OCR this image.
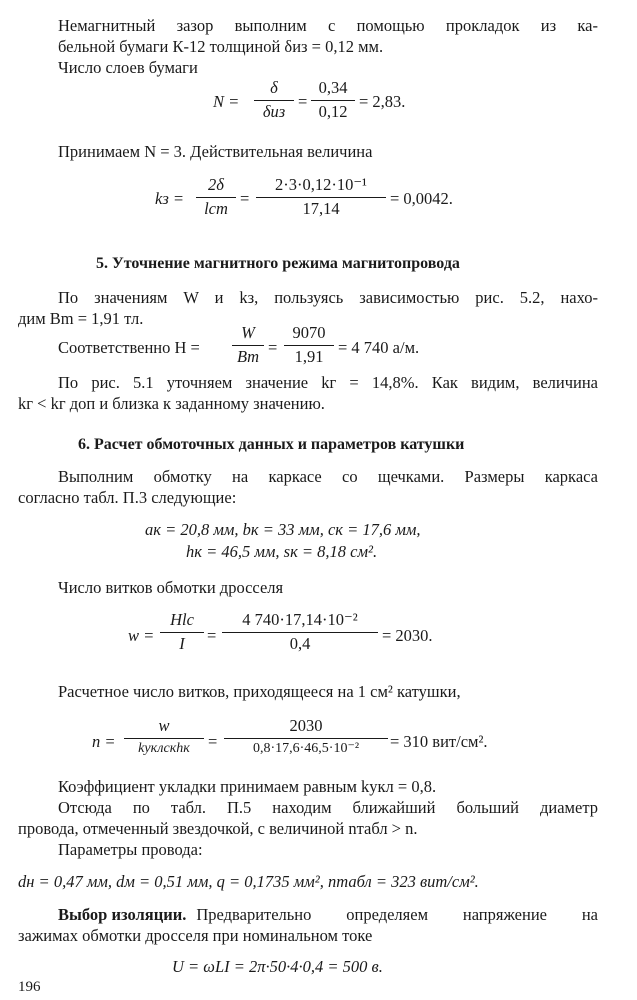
Немагнитный зазор выполним с помощью прокладок из ка-
бельной бумаги К-12 толщиной δиз = 0,12 мм.
Число слоев бумаги
N =
δ
δиз =
0,34
0,12 = 2,83.
Принимаем N = 3. Действительная величина
kз =
2δ
lст =
2·3·0,12·10⁻¹
17,14	= 0,0042.
5. Уточнение магнитного режима магнитопровода
По значениям W и kз, пользуясь зависимостью рис. 5.2, нахо-
дим Bm = 1,91 тл.
Соответственно H =
W
Bm =
9070
1,91 = 4 740 а/м.
По рис. 5.1 уточняем значение kг = 14,8%. Как видим, величина
kг < kг доп и близка к заданному значению.
6. Расчет обмоточных данных и параметров катушки
Выполним обмотку на каркасе со щечками. Размеры каркаса
согласно табл. П.3 следующие:
aк = 20,8 мм, bк = 33 мм, cк = 17,6 мм,
hк = 46,5 мм, sк = 8,18 см².
Число витков обмотки дросселя
w =
Hlc
I	=
4 740·17,14·10⁻²
0,4	= 2030.
Расчетное число витков, приходящееся на 1 см² катушки,
n =
w
kуклcкhк	=
2030
0,8·17,6·46,5·10⁻²	= 310 вит/см².
Коэффициент укладки принимаем равным kукл = 0,8.
Отсюда по табл. П.5 находим ближайший больший диаметр
провода, отмеченный звездочкой, с величиной nтабл > n.
Параметры провода:
dн = 0,47 мм, dм = 0,51 мм, q = 0,1735 мм², nтабл = 323 вит/см².
Выбор изоляции. Предварительно определяем напряжение на
зажимах обмотки дросселя при номинальном токе
U = ωLI = 2π·50·4·0,4 = 500 в.
196
